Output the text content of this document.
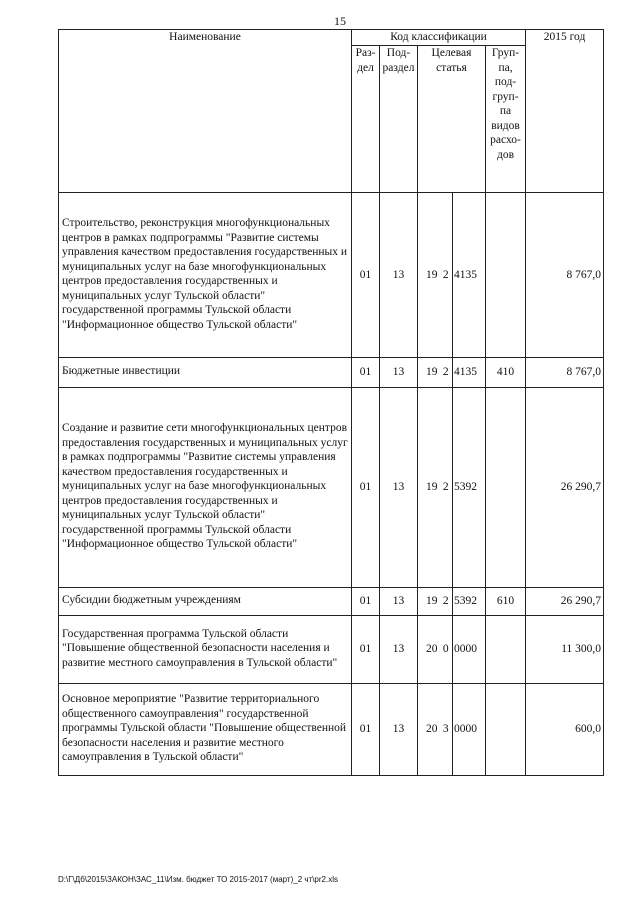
15
Наименование	Код классификации						2015 год
	Раз- дел	Под- раздел	Целевая статья			Груп- па, под- груп- па видов расхо- дов	
Строительство, реконструкция многофункциональных центров в рамках подпрограммы "Развитие системы управления качеством предоставления государственных и муниципальных услуг на базе многофункциональных центров предоставления государственных и муниципальных услуг Тульской области" государственной программы Тульской области "Информационное общество Тульской области"	01	13	19	2	4135		8 767,0
Бюджетные инвестиции	01	13	19	2	4135	410	8 767,0
Создание и развитие сети многофункциональных центров предоставления государственных и муниципальных услуг в рамках подпрограммы "Развитие системы управления качеством предоставления государственных и муниципальных услуг на базе многофункциональных центров предоставления государственных и муниципальных услуг Тульской области" государственной программы Тульской области "Информационное общество Тульской области"	01	13	19	2	5392		26 290,7
Субсидии бюджетным учреждениям	01	13	19	2	5392	610	26 290,7
Государственная программа Тульской области "Повышение общественной безопасности населения и развитие местного самоуправления в Тульской области"	01	13	20	0	0000		11 300,0
Основное мероприятие "Развитие территориального общественного самоуправления" государственной программы Тульской области "Повышение общественной безопасности населения и развитие местного самоуправления в Тульской области"	01	13	20	3	0000		600,0
D:\Г\Дб\2015\ЗАКОН\ЗАС_11\Изм. бюджет ТО 2015-2017 (март)_2 чт\pr2.xls
